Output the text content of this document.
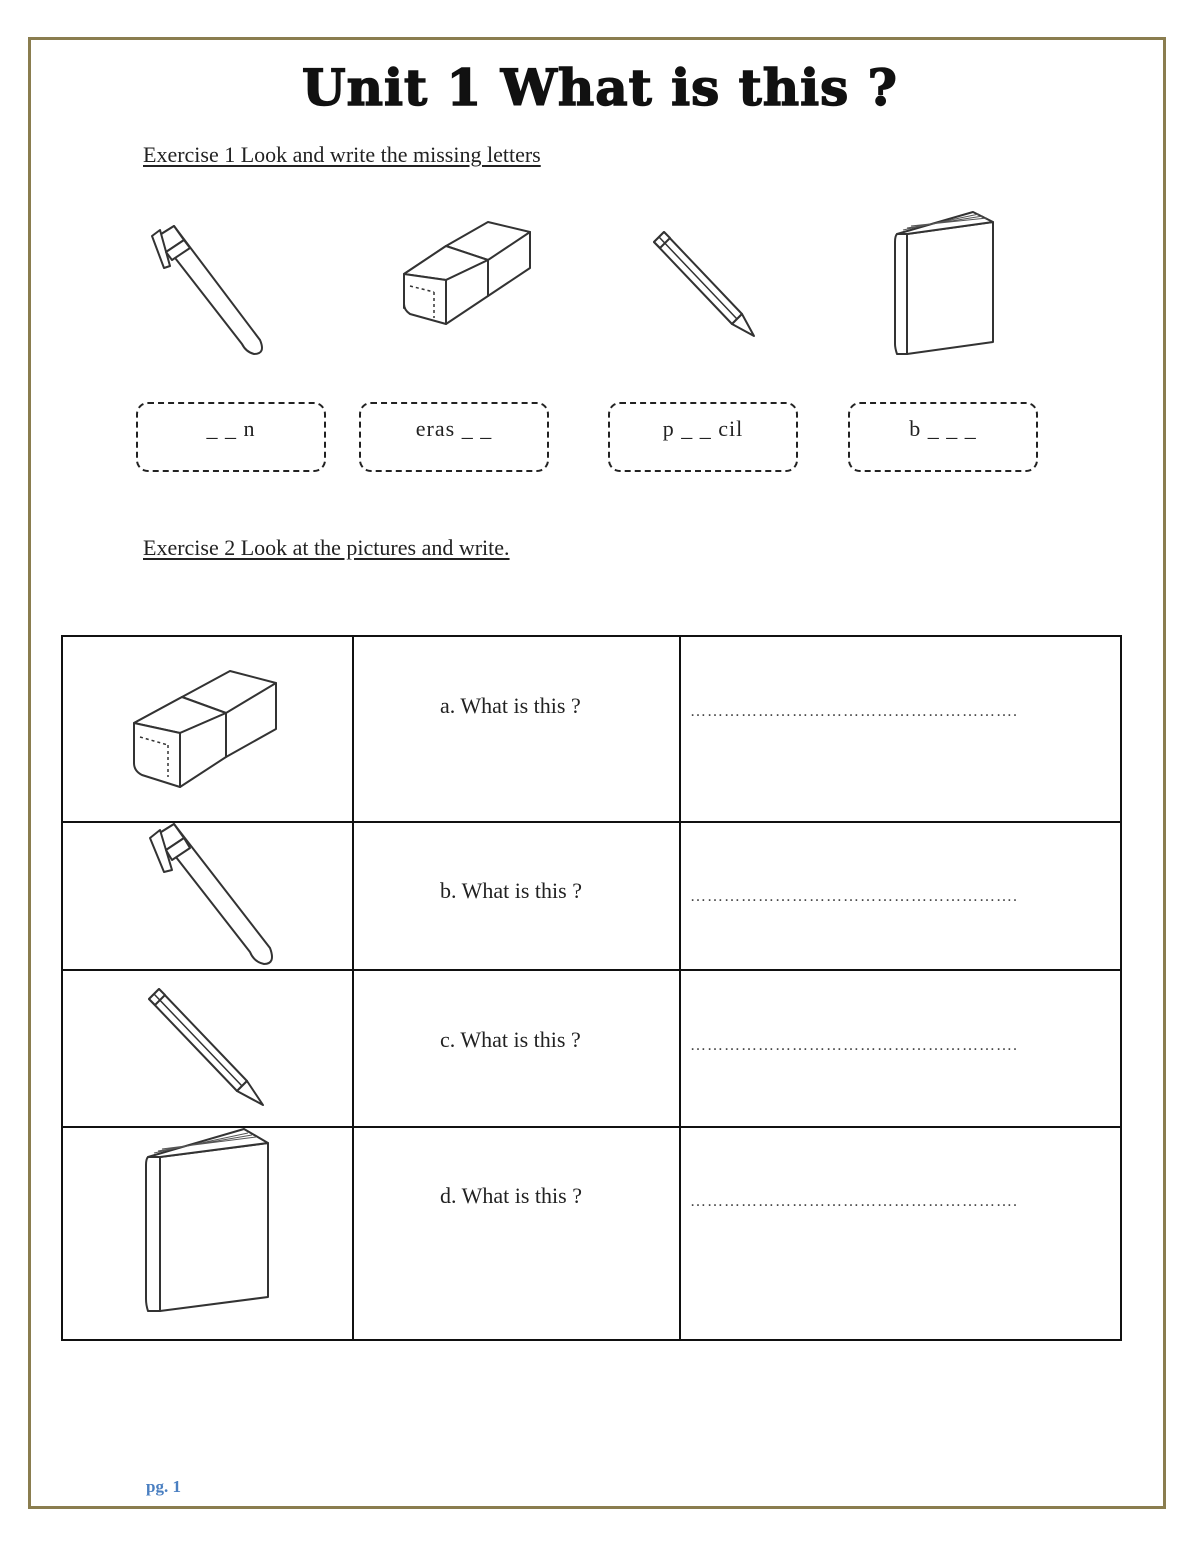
Unit 1 What is this ?
Exercise 1 Look and write the missing letters
_ _ n	eras _ _	p _ _ cil	b _ _ _
Exercise 2 Look at the pictures and write.
a. What is this ?	………………………………………………….
b. What is this ?	………………………………………………….
c. What is this ?	………………………………………………….
d. What is this ?	………………………………………………….
pg. 1
